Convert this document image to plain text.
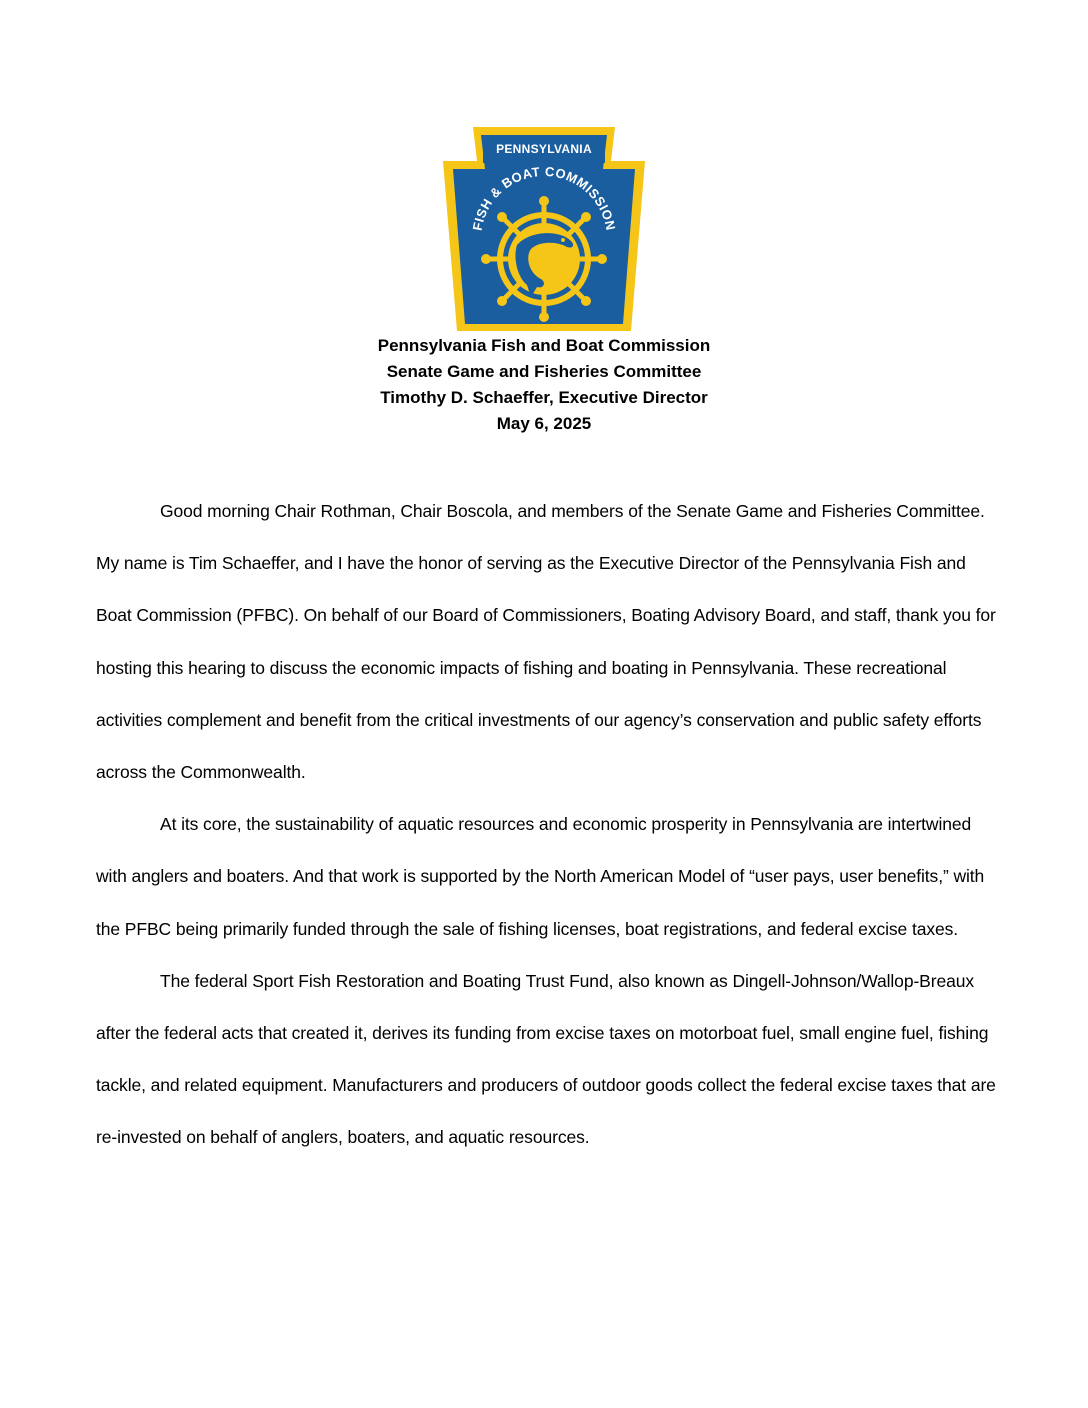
FISH & BOAT COMMISSION
PENNSYLVANIA
Pennsylvania Fish and Boat Commission
Senate Game and Fisheries Committee
Timothy D. Schaeffer, Executive Director
May 6, 2025

Good morning Chair Rothman, Chair Boscola, and members of the Senate Game and Fisheries Committee. My name is Tim Schaeffer, and I have the honor of serving as the Executive Director of the Pennsylvania Fish and Boat Commission (PFBC). On behalf of our Board of Commissioners, Boating Advisory Board, and staff, thank you for hosting this hearing to discuss the economic impacts of fishing and boating in Pennsylvania. These recreational activities complement and benefit from the critical investments of our agency’s conservation and public safety efforts across the Commonwealth.

At its core, the sustainability of aquatic resources and economic prosperity in Pennsylvania are intertwined with anglers and boaters. And that work is supported by the North American Model of “user pays, user benefits,” with the PFBC being primarily funded through the sale of fishing licenses, boat registrations, and federal excise taxes.

The federal Sport Fish Restoration and Boating Trust Fund, also known as Dingell-Johnson/Wallop-Breaux after the federal acts that created it, derives its funding from excise taxes on motorboat fuel, small engine fuel, fishing tackle, and related equipment. Manufacturers and producers of outdoor goods collect the federal excise taxes that are re-invested on behalf of anglers, boaters, and aquatic resources.
